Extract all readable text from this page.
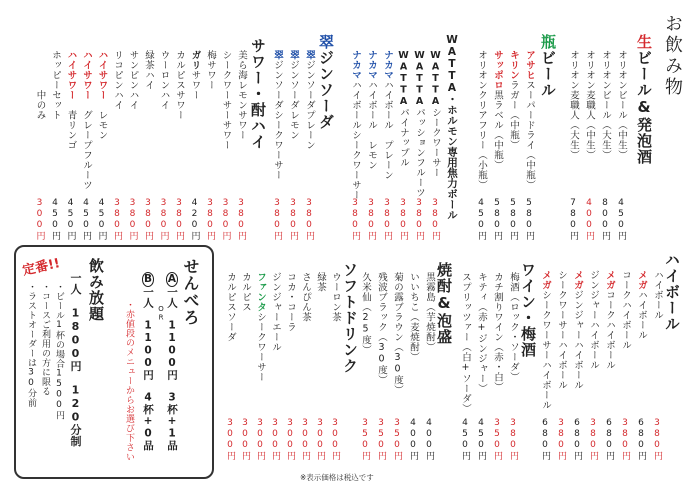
お飲み物
生ビール&発泡酒
オリオンビール（中生）
450円
オリオンビール（大生）
800円
オリオン麦職人（中生）
400円
オリオン麦職人（大生）
780円
瓶ビール
アサヒスーパードライ（中瓶）
580円
キリンラガー（中瓶）
580円
サッポロ黒ラベル（中瓶）
580円
オリオンクリアフリー（小瓶）
450円
WATTA・ホルモン専用焦力ボール
WATTAシークワーサー
380円
WATTAパッションフルーツ
380円
WATTAパイナップル
380円
ナカマハイボール　プレーン
380円
ナカマハイボール　レモン
380円
ナカマハイボールシークワーサー
380円
翠ジンソーダ
翠ジンソーダプレーン
380円
翠ジンソーダレモン
380円
翠ジンソーダシークワーサー
380円
サワー・酎ハイ
美ら海レモンサワー
380円
シークワーサーサワー
380円
梅サワー
380円
ガリサワー
420円
カルピスサワー
380円
ウーロンハイ
380円
緑茶ハイ
380円
サンピンハイ
380円
リコピンハイ
380円
ハイサワー　レモン
450円
ハイサワー　グレープフルーツ
450円
ハイサワー　青リンゴ
450円
ホッピーセット
450円
中のみ
300円
ハイボール
ハイボール
380円
メガハイボール
680円
コークハイボール
380円
メガコークハイボール
680円
ジンジャーハイボール
380円
メガジンジャーハイボール
680円
シークワーサーハイボール
380円
メガシークワーサーハイボール
680円
ワイン・梅酒
梅酒（ロック・ソーダ）
380円
カチ割りワイン（赤・白）
350円
キティ（赤+ジンジャー）
450円
スプリッツァー（白+ソーダ）
450円
焼酎&泡盛
黒霧島（芋焼酎）
400円
いいちこ（麦焼酎）
400円
菊の露ブラウン（30度）
350円
残波ブラック（30度）
350円
久米仙（25度）
350円
ソフトドリンク
ウーロン茶
300円
緑茶
300円
さんぴん茶
300円
コカ・コーラ
300円
ジンジャーエール
300円
ファンタシークワーサー
300円
カルピス
300円
カルピスソーダ
300円
定番!!	せんべろ
A一人　1100円　3杯+1品
OR
B一人　1100円　4杯+0品
・赤値段のメニューからお選び下さい
飲み放題
一人　1800円　120分制
・ビール1杯の場合1500円
・コースご利用の方に限る
・ラストオーダーは30分前
※表示価格は税込です
